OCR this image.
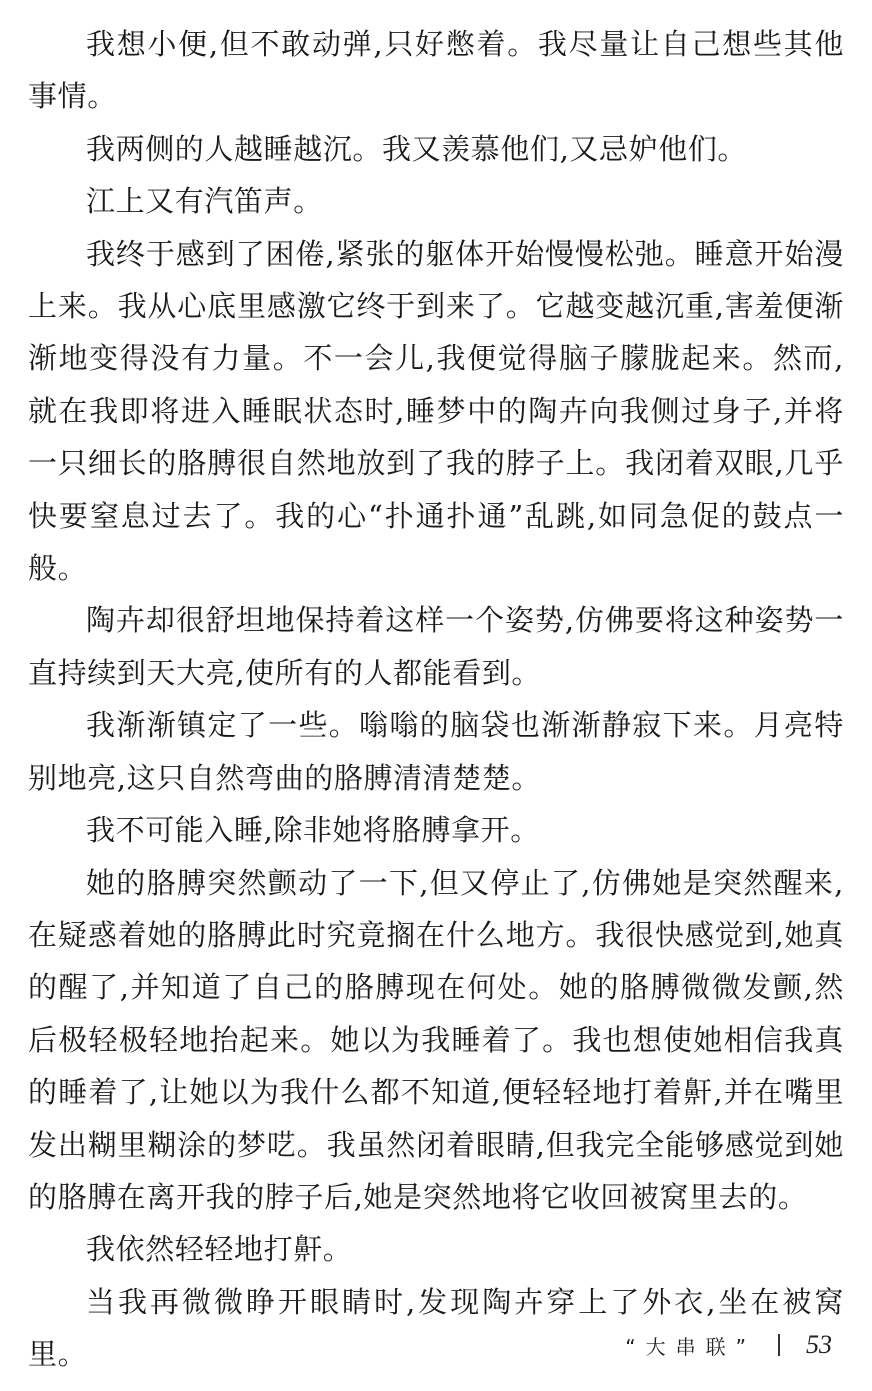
我想小便,但不敢动弹,只好憋着。我尽量让自己想些其他事情。

我两侧的人越睡越沉。我又羡慕他们,又忌妒他们。

江上又有汽笛声。

我终于感到了困倦,紧张的躯体开始慢慢松弛。睡意开始漫上来。我从心底里感激它终于到来了。它越变越沉重,害羞便渐渐地变得没有力量。不一会儿,我便觉得脑子朦胧起来。然而,就在我即将进入睡眠状态时,睡梦中的陶卉向我侧过身子,并将一只细长的胳膊很自然地放到了我的脖子上。我闭着双眼,几乎快要窒息过去了。我的心“扑通扑通”乱跳,如同急促的鼓点一般。

陶卉却很舒坦地保持着这样一个姿势,仿佛要将这种姿势一直持续到天大亮,使所有的人都能看到。

我渐渐镇定了一些。嗡嗡的脑袋也渐渐静寂下来。月亮特别地亮,这只自然弯曲的胳膊清清楚楚。

我不可能入睡,除非她将胳膊拿开。

她的胳膊突然颤动了一下,但又停止了,仿佛她是突然醒来,在疑惑着她的胳膊此时究竟搁在什么地方。我很快感觉到,她真的醒了,并知道了自己的胳膊现在何处。她的胳膊微微发颤,然后极轻极轻地抬起来。她以为我睡着了。我也想使她相信我真的睡着了,让她以为我什么都不知道,便轻轻地打着鼾,并在嘴里发出糊里糊涂的梦呓。我虽然闭着眼睛,但我完全能够感觉到她的胳膊在离开我的脖子后,她是突然地将它收回被窝里去的。

我依然轻轻地打鼾。

当我再微微睁开眼睛时,发现陶卉穿上了外衣,坐在被窝里。	“大串联” 53
